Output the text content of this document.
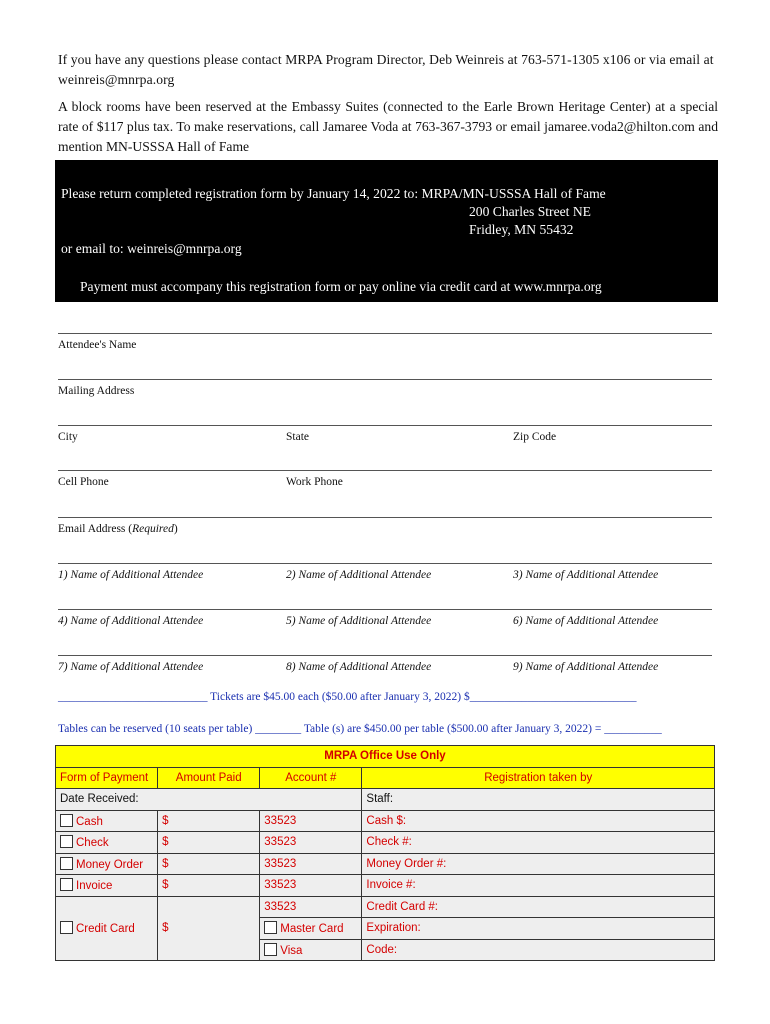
If you have any questions please contact MRPA Program Director, Deb Weinreis at 763-571-1305 x106 or via email at weinreis@mnrpa.org
A block rooms have been reserved at the Embassy Suites (connected to the Earle Brown Heritage Center) at a special rate of $117 plus tax. To make reservations, call Jamaree Voda at 763-367-3793 or email jamaree.voda2@hilton.com and mention MN-USSSA Hall of Fame
Please return completed registration form by January 14, 2022 to: MRPA/MN-USSSA Hall of Fame
200 Charles Street NE
Fridley, MN 55432
or email to: weinreis@mnrpa.org
Payment must accompany this registration form or pay online via credit card at www.mnrpa.org
Attendee's Name
Mailing Address
City	State	Zip Code
Cell Phone	Work Phone
Email Address (Required)
1) Name of Additional Attendee	2) Name of Additional Attendee	3) Name of Additional Attendee
4) Name of Additional Attendee	5) Name of Additional Attendee	6) Name of Additional Attendee
7) Name of Additional Attendee	8) Name of Additional Attendee	9) Name of Additional Attendee
__________________________ Tickets are $45.00 each ($50.00 after January 3, 2022) $_____________________________
Tables can be reserved (10 seats per table) ________ Table (s) are $450.00 per table ($500.00 after January 3, 2022) = __________
MRPA Office Use Only			
Form of Payment	Amount Paid	Account #	Registration taken by
Date Received:			Staff:
Cash	$	33523	Cash $:
Check	$	33523	Check #:
Money Order	$	33523	Money Order #:
Invoice	$	33523	Invoice #:
Credit Card	$	33523	Credit Card #:
		Master Card	Expiration:
		Visa	Code:
